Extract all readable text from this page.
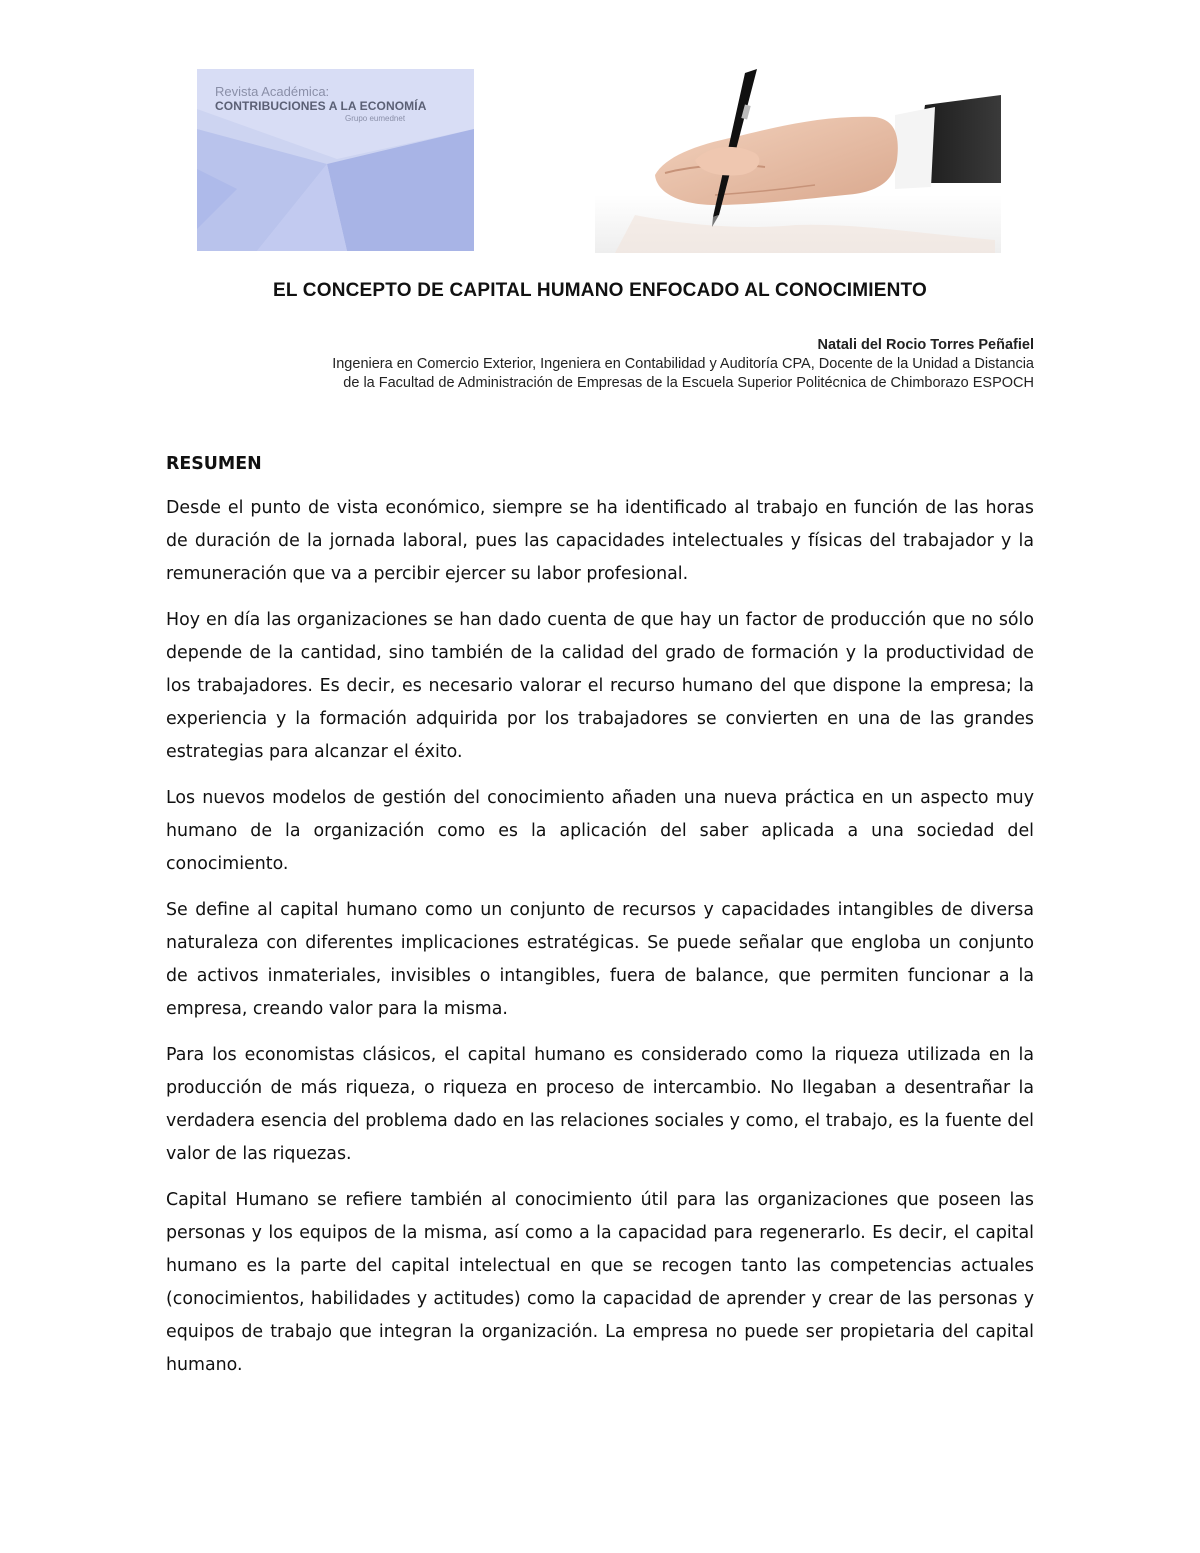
Revista Académica:
CONTRIBUCIONES A LA ECONOMÍA
Grupo eumednet
EL CONCEPTO DE CAPITAL HUMANO ENFOCADO AL CONOCIMIENTO
Natali del Rocio Torres Peñafiel
Ingeniera en Comercio Exterior, Ingeniera en Contabilidad y Auditoría CPA, Docente de la Unidad a Distancia
de la Facultad de Administración de Empresas de la Escuela Superior Politécnica de Chimborazo ESPOCH
RESUMEN

Desde el punto de vista económico, siempre se ha identificado al trabajo en función de las horas de duración de la jornada laboral, pues las capacidades intelectuales y físicas del trabajador y la remuneración que va a percibir ejercer su labor profesional.

Hoy en día las organizaciones se han dado cuenta de que hay un factor de producción que no sólo depende de la cantidad, sino también de la calidad del grado de formación y la productividad de los trabajadores. Es decir, es necesario valorar el recurso humano del que dispone la empresa; la experiencia y la formación adquirida por los trabajadores se convierten en una de las grandes estrategias para alcanzar el éxito.

Los nuevos modelos de gestión del conocimiento añaden una nueva práctica en un aspecto muy humano de la organización como es la aplicación del saber aplicada a una sociedad del conocimiento.

Se define al capital humano como un conjunto de recursos y capacidades intangibles de diversa naturaleza con diferentes implicaciones estratégicas. Se puede señalar que engloba un conjunto de activos inmateriales, invisibles o intangibles, fuera de balance, que permiten funcionar a la empresa, creando valor para la misma.

Para los economistas clásicos, el capital humano es considerado como la riqueza utilizada en la producción de más riqueza, o riqueza en proceso de intercambio. No llegaban a desentrañar la verdadera esencia del problema dado en las relaciones sociales y como, el trabajo, es la fuente del valor de las riquezas.

Capital Humano se refiere también al conocimiento útil para las organizaciones que poseen las personas y los equipos de la misma, así como a la capacidad para regenerarlo. Es decir, el capital humano es la parte del capital intelectual en que se recogen tanto las competencias actuales (conocimientos, habilidades y actitudes) como la capacidad de aprender y crear de las personas y equipos de trabajo que integran la organización. La empresa no puede ser propietaria del capital humano.
